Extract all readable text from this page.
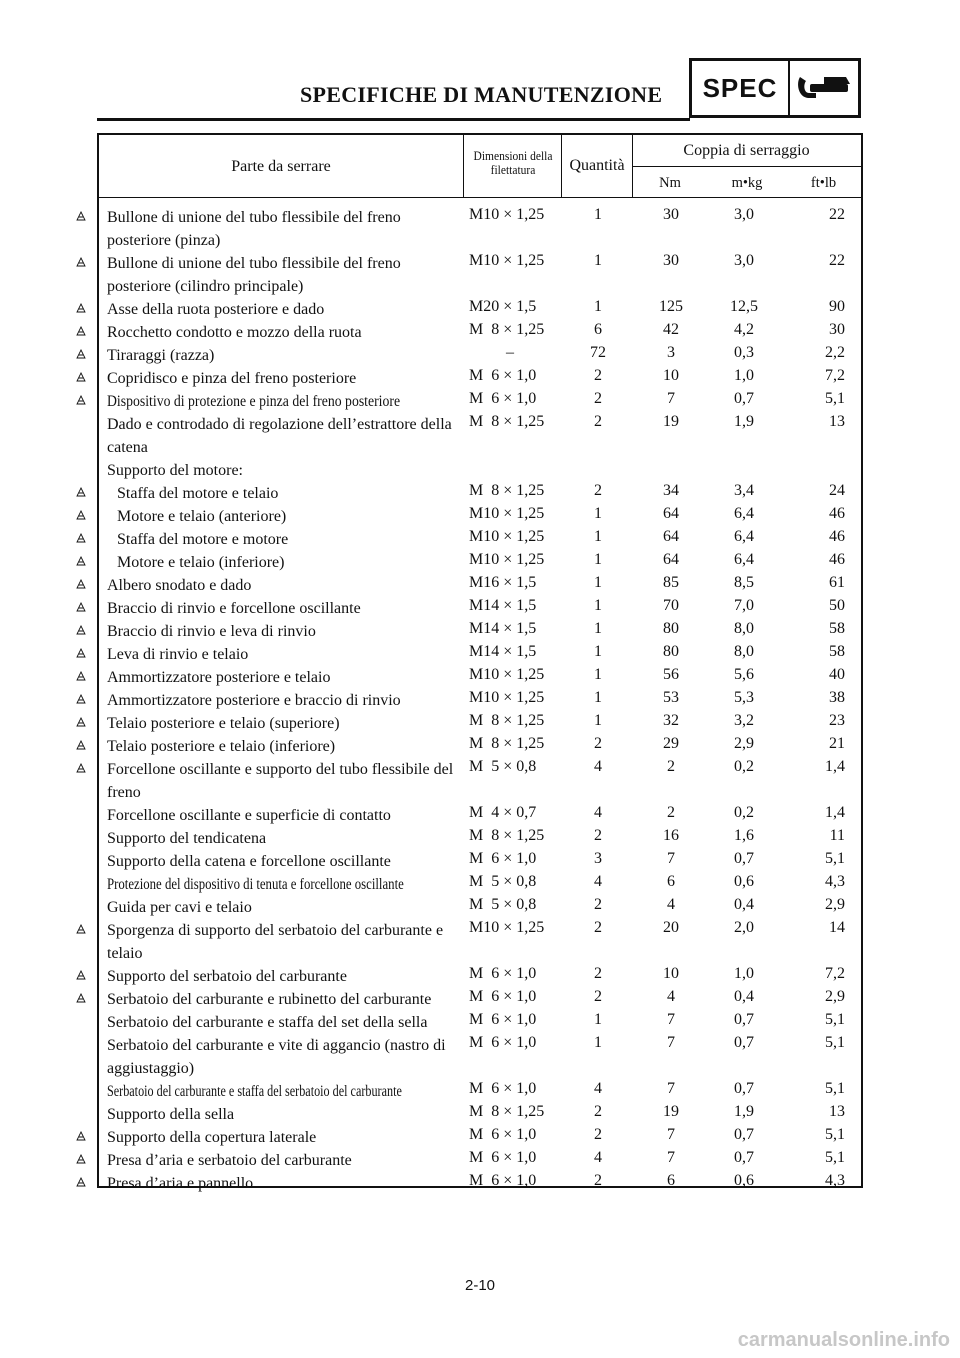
SPECIFICHE DI MANUTENZIONE	SPEC
Parte da serrare
Dimensioni della filettatura	Quantità
Coppia di serraggio
Nm	m•kg	ft•lb
Bullone di unione del tubo flessibile del freno posteriore (pinza)
M10 × 1,25	1	30	3,0	22
Bullone di unione del tubo flessibile del freno posteriore (cilindro principale)
M10 × 1,25	1	30	3,0	22
Asse della ruota posteriore e dado	M20 × 1,5	1	125	12,5	90
Rocchetto condotto e mozzo della ruota	M  8 × 1,25	6	42	4,2	30
Tiraraggi (razza)	–	72	3	0,3	2,2
Copridisco e pinza del freno posteriore	M  6 × 1,0	2	10	1,0	7,2
Dispositivo di protezione e pinza del freno posteriore	M  6 × 1,0	2	7	0,7	5,1
Dado e controdado di regolazione dell’estrattore della catena
M  8 × 1,25	2	19	1,9	13
Supporto del motore:
Staffa del motore e telaio	M  8 × 1,25	2	34	3,4	24
Motore e telaio (anteriore)	M10 × 1,25	1	64	6,4	46
Staffa del motore e motore	M10 × 1,25	1	64	6,4	46
Motore e telaio (inferiore)	M10 × 1,25	1	64	6,4	46
Albero snodato e dado	M16 × 1,5	1	85	8,5	61
Braccio di rinvio e forcellone oscillante	M14 × 1,5	1	70	7,0	50
Braccio di rinvio e leva di rinvio	M14 × 1,5	1	80	8,0	58
Leva di rinvio e telaio	M14 × 1,5	1	80	8,0	58
Ammortizzatore posteriore e telaio	M10 × 1,25	1	56	5,6	40
Ammortizzatore posteriore e braccio di rinvio	M10 × 1,25	1	53	5,3	38
Telaio posteriore e telaio (superiore)	M  8 × 1,25	1	32	3,2	23
Telaio posteriore e telaio (inferiore)	M  8 × 1,25	2	29	2,9	21
Forcellone oscillante e supporto del tubo flessibile del freno
M  5 × 0,8	4	2	0,2	1,4
Forcellone oscillante e superficie di contatto	M  4 × 0,7	4	2	0,2	1,4
Supporto del tendicatena	M  8 × 1,25	2	16	1,6	11
Supporto della catena e forcellone oscillante	M  6 × 1,0	3	7	0,7	5,1
Protezione del dispositivo di tenuta e forcellone oscillante	M  5 × 0,8	4	6	0,6	4,3
Guida per cavi e telaio	M  5 × 0,8	2	4	0,4	2,9
Sporgenza di supporto del serbatoio del carburante e telaio
M10 × 1,25	2	20	2,0	14
Supporto del serbatoio del carburante	M  6 × 1,0	2	10	1,0	7,2
Serbatoio del carburante e rubinetto del carburante	M  6 × 1,0	2	4	0,4	2,9
Serbatoio del carburante e staffa del set della sella	M  6 × 1,0	1	7	0,7	5,1
Serbatoio del carburante e vite di aggancio (nastro di aggiustaggio)
M  6 × 1,0	1	7	0,7	5,1
Serbatoio del carburante e staffa del serbatoio del carburante	M  6 × 1,0	4	7	0,7	5,1
Supporto della sella	M  8 × 1,25	2	19	1,9	13
Supporto della copertura laterale	M  6 × 1,0	2	7	0,7	5,1
Presa d’aria e serbatoio del carburante	M  6 × 1,0	4	7	0,7	5,1
Presa d’aria e pannello	M  6 × 1,0	2	6	0,6	4,3
2-10
carmanualsonline.info
